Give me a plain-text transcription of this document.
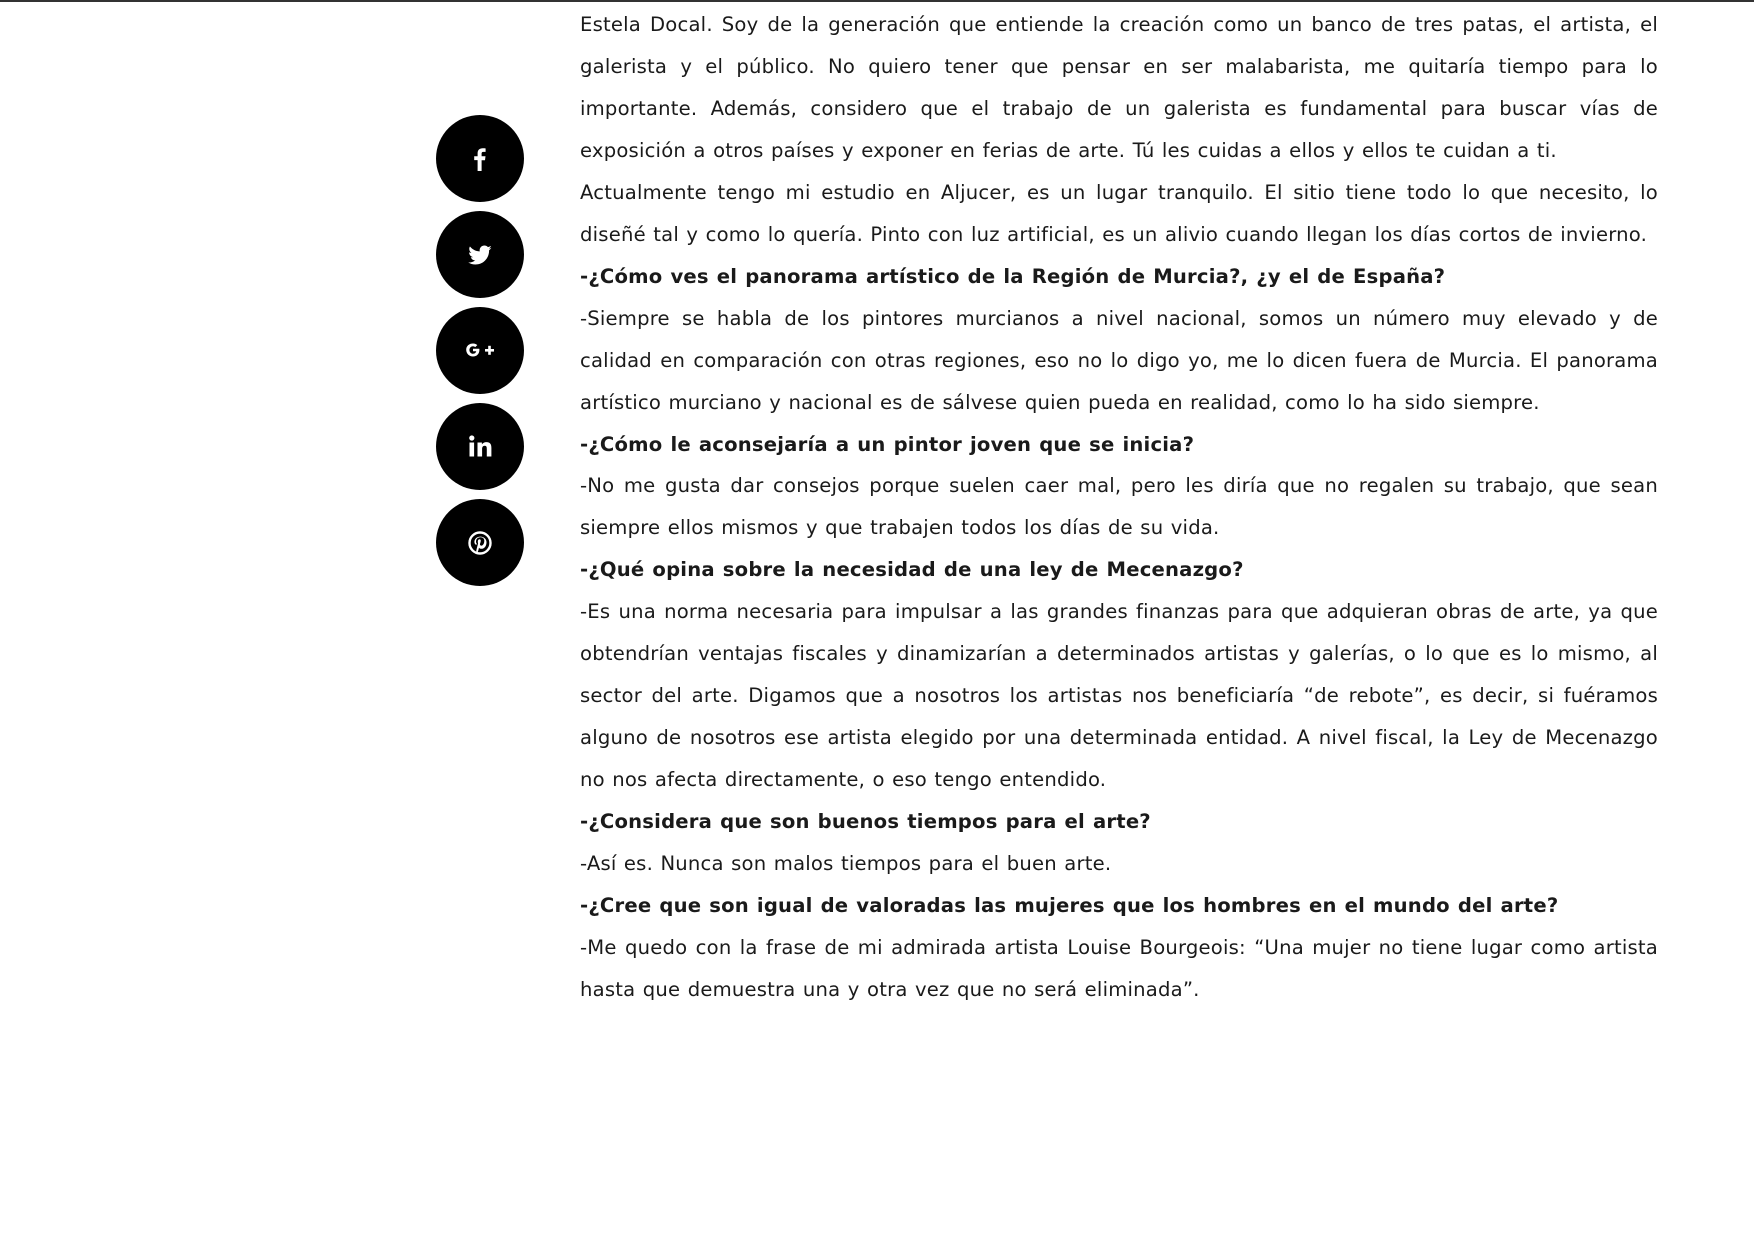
Estela Docal. Soy de la generación que entiende la creación como un banco de tres patas, el artista, el galerista y el público. No quiero tener que pensar en ser malabarista, me quitaría tiempo para lo importante. Además, considero que el trabajo de un galerista es fundamental para buscar vías de exposición a otros países y exponer en ferias de arte. Tú les cuidas a ellos y ellos te cuidan a ti.

Actualmente tengo mi estudio en Aljucer, es un lugar tranquilo. El sitio tiene todo lo que necesito, lo diseñé tal y como lo quería. Pinto con luz artificial, es un alivio cuando llegan los días cortos de invierno.

-¿Cómo ves el panorama artístico de la Región de Murcia?, ¿y el de España?

-Siempre se habla de los pintores murcianos a nivel nacional, somos un número muy elevado y de calidad en comparación con otras regiones, eso no lo digo yo, me lo dicen fuera de Murcia. El panorama artístico murciano y nacional es de sálvese quien pueda en realidad, como lo ha sido siempre.

-¿Cómo le aconsejaría a un pintor joven que se inicia?

-No me gusta dar consejos porque suelen caer mal, pero les diría que no regalen su trabajo, que sean siempre ellos mismos y que trabajen todos los días de su vida.

-¿Qué opina sobre la necesidad de una ley de Mecenazgo?

-Es una norma necesaria para impulsar a las grandes finanzas para que adquieran obras de arte, ya que obtendrían ventajas fiscales y dinamizarían a determinados artistas y galerías, o lo que es lo mismo, al sector del arte. Digamos que a nosotros los artistas nos beneficiaría “de rebote”, es decir, si fuéramos alguno de nosotros ese artista elegido por una determinada entidad. A nivel fiscal, la Ley de Mecenazgo no nos afecta directamente, o eso tengo entendido.

-¿Considera que son buenos tiempos para el arte?

-Así es. Nunca son malos tiempos para el buen arte.

-¿Cree que son igual de valoradas las mujeres que los hombres en el mundo del arte?

-Me quedo con la frase de mi admirada artista Louise Bourgeois: “Una mujer no tiene lugar como artista hasta que demuestra una y otra vez que no será eliminada”.
